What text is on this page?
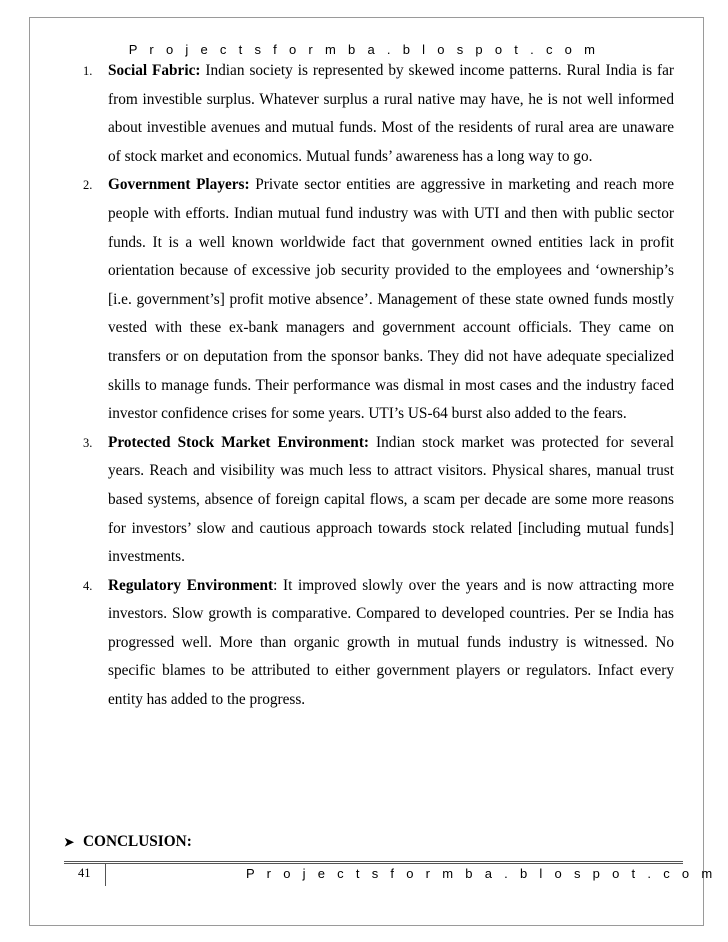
P r o j e c t s f o r m b a . b l o s p o t . c o m
1.	Social Fabric: Indian society is represented by skewed income patterns. Rural India is far from investible surplus. Whatever surplus a rural native may have, he is not well informed about investible avenues and mutual funds. Most of the residents of rural area are unaware of stock market and economics. Mutual funds’ awareness has a long way to go.

2.	Government Players: Private sector entities are aggressive in marketing and reach more people with efforts. Indian mutual fund industry was with UTI and then with public sector funds. It is a well known worldwide fact that government owned entities lack in profit orientation because of excessive job security provided to the employees and ‘ownership’s [i.e. government’s] profit motive absence’. Management of these state owned funds mostly vested with these ex-bank managers and government account officials. They came on transfers or on deputation from the sponsor banks. They did not have adequate specialized skills to manage funds. Their performance was dismal in most cases and the industry faced investor confidence crises for some years. UTI’s US-64 burst also added to the fears.

3.	Protected Stock Market Environment: Indian stock market was protected for several years. Reach and visibility was much less to attract visitors. Physical shares, manual trust based systems, absence of foreign capital flows, a scam per decade are some more reasons for investors’ slow and cautious approach towards stock related [including mutual funds] investments.

4.	Regulatory Environment: It improved slowly over the years and is now attracting more investors. Slow growth is comparative. Compared to developed countries. Per se India has progressed well. More than organic growth in mutual funds industry is witnessed. No specific blames to be attributed to either government players or regulators. Infact every entity has added to the progress.

➤ CONCLUSION:
41	P r o j e c t s f o r m b a . b l o s p o t . c o m
